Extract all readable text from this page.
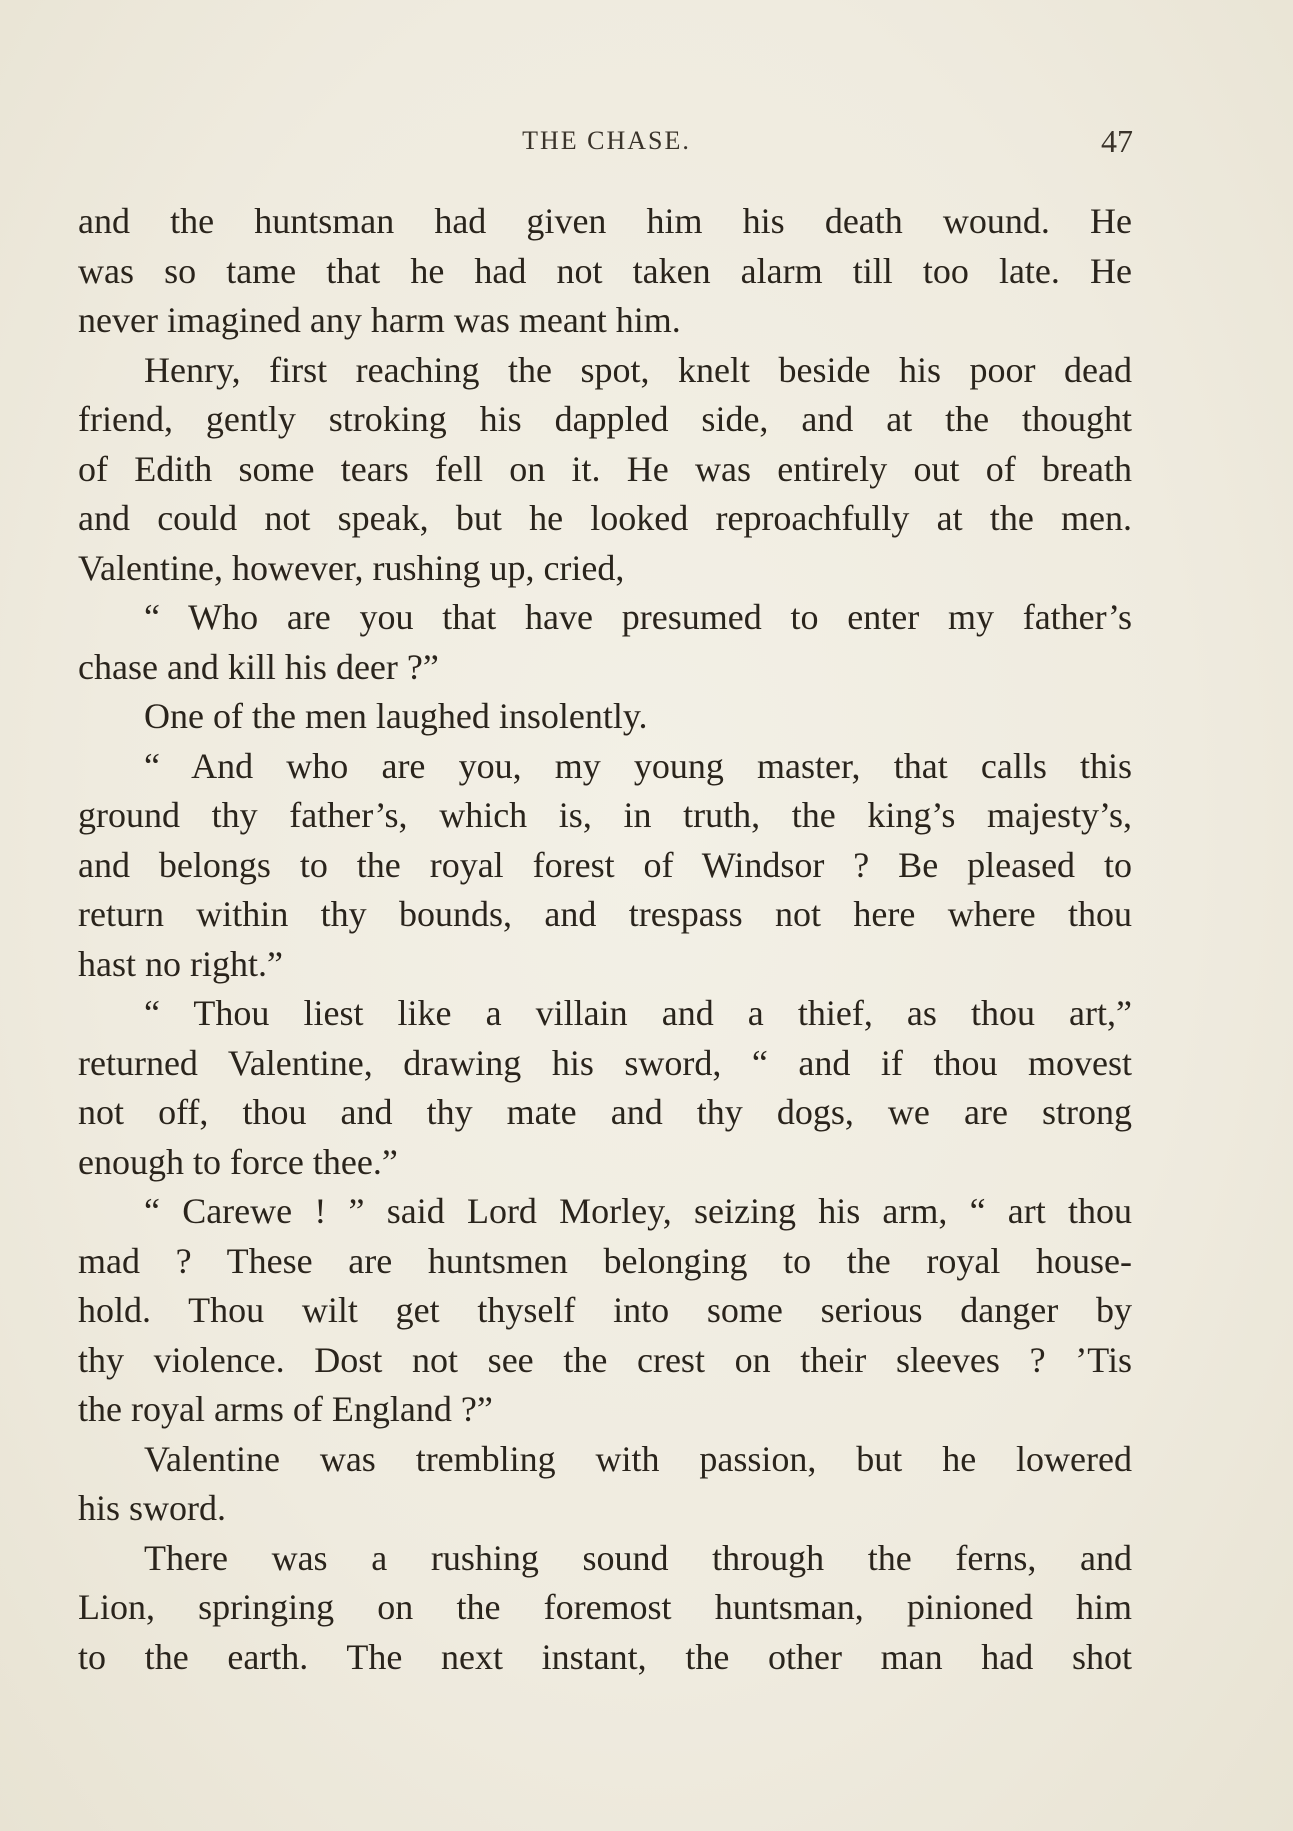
THE CHASE.	47
and the huntsman had given him his death wound. He
was so tame that he had not taken alarm till too late. He
never imagined any harm was meant him.
Henry, first reaching the spot, knelt beside his poor dead
friend, gently stroking his dappled side, and at the thought
of Edith some tears fell on it. He was entirely out of breath
and could not speak, but he looked reproachfully at the men.
Valentine, however, rushing up, cried,
“ Who are you that have presumed to enter my father’s
chase and kill his deer ?”
One of the men laughed insolently.
“ And who are you, my young master, that calls this
ground thy father’s, which is, in truth, the king’s majesty’s,
and belongs to the royal forest of Windsor ? Be pleased to
return within thy bounds, and trespass not here where thou
hast no right.”
“ Thou liest like a villain and a thief, as thou art,”
returned Valentine, drawing his sword, “ and if thou movest
not off, thou and thy mate and thy dogs, we are strong
enough to force thee.”
“ Carewe ! ” said Lord Morley, seizing his arm, “ art thou
mad ? These are huntsmen belonging to the royal house-
hold. Thou wilt get thyself into some serious danger by
thy violence. Dost not see the crest on their sleeves ? ’Tis
the royal arms of England ?”
Valentine was trembling with passion, but he lowered
his sword.
There was a rushing sound through the ferns, and
Lion, springing on the foremost huntsman, pinioned him
to the earth. The next instant, the other man had shot
